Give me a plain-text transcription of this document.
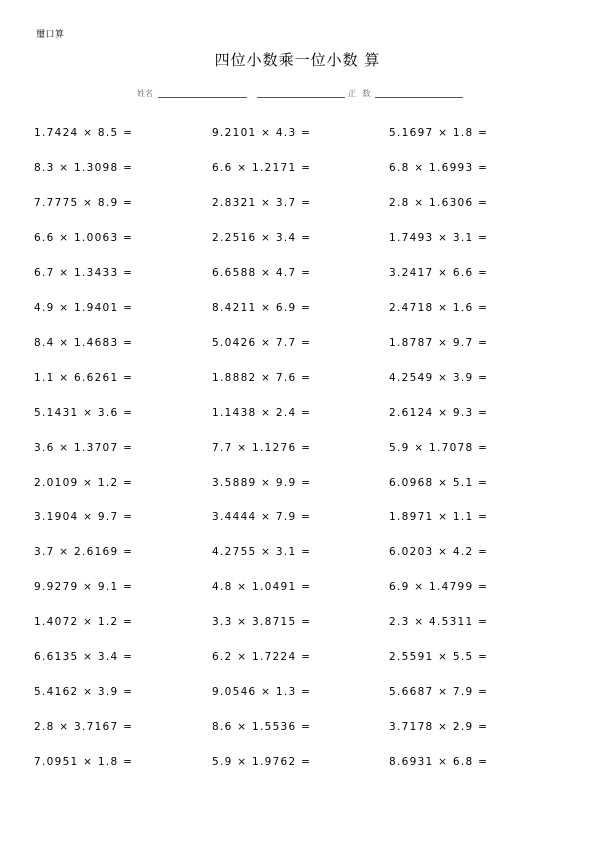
璽口算
四位小数乘一位小数 算
姓名	正 数
1.7424 × 8.5 =	9.2101 × 4.3 =	5.1697 × 1.8 =
8.3 × 1.3098 =	6.6 × 1.2171 =	6.8 × 1.6993 =
7.7775 × 8.9 =	2.8321 × 3.7 =	2.8 × 1.6306 =
6.6 × 1.0063 =	2.2516 × 3.4 =	1.7493 × 3.1 =
6.7 × 1.3433 =	6.6588 × 4.7 =	3.2417 × 6.6 =
4.9 × 1.9401 =	8.4211 × 6.9 =	2.4718 × 1.6 =
8.4 × 1.4683 =	5.0426 × 7.7 =	1.8787 × 9.7 =
1.1 × 6.6261 =	1.8882 × 7.6 =	4.2549 × 3.9 =
5.1431 × 3.6 =	1.1438 × 2.4 =	2.6124 × 9.3 =
3.6 × 1.3707 =	7.7 × 1.1276 =	5.9 × 1.7078 =
2.0109 × 1.2 =	3.5889 × 9.9 =	6.0968 × 5.1 =
3.1904 × 9.7 =	3.4444 × 7.9 =	1.8971 × 1.1 =
3.7 × 2.6169 =	4.2755 × 3.1 =	6.0203 × 4.2 =
9.9279 × 9.1 =	4.8 × 1.0491 =	6.9 × 1.4799 =
1.4072 × 1.2 =	3.3 × 3.8715 =	2.3 × 4.5311 =
6.6135 × 3.4 =	6.2 × 1.7224 =	2.5591 × 5.5 =
5.4162 × 3.9 =	9.0546 × 1.3 =	5.6687 × 7.9 =
2.8 × 3.7167 =	8.6 × 1.5536 =	3.7178 × 2.9 =
7.0951 × 1.8 =	5.9 × 1.9762 =	8.6931 × 6.8 =
